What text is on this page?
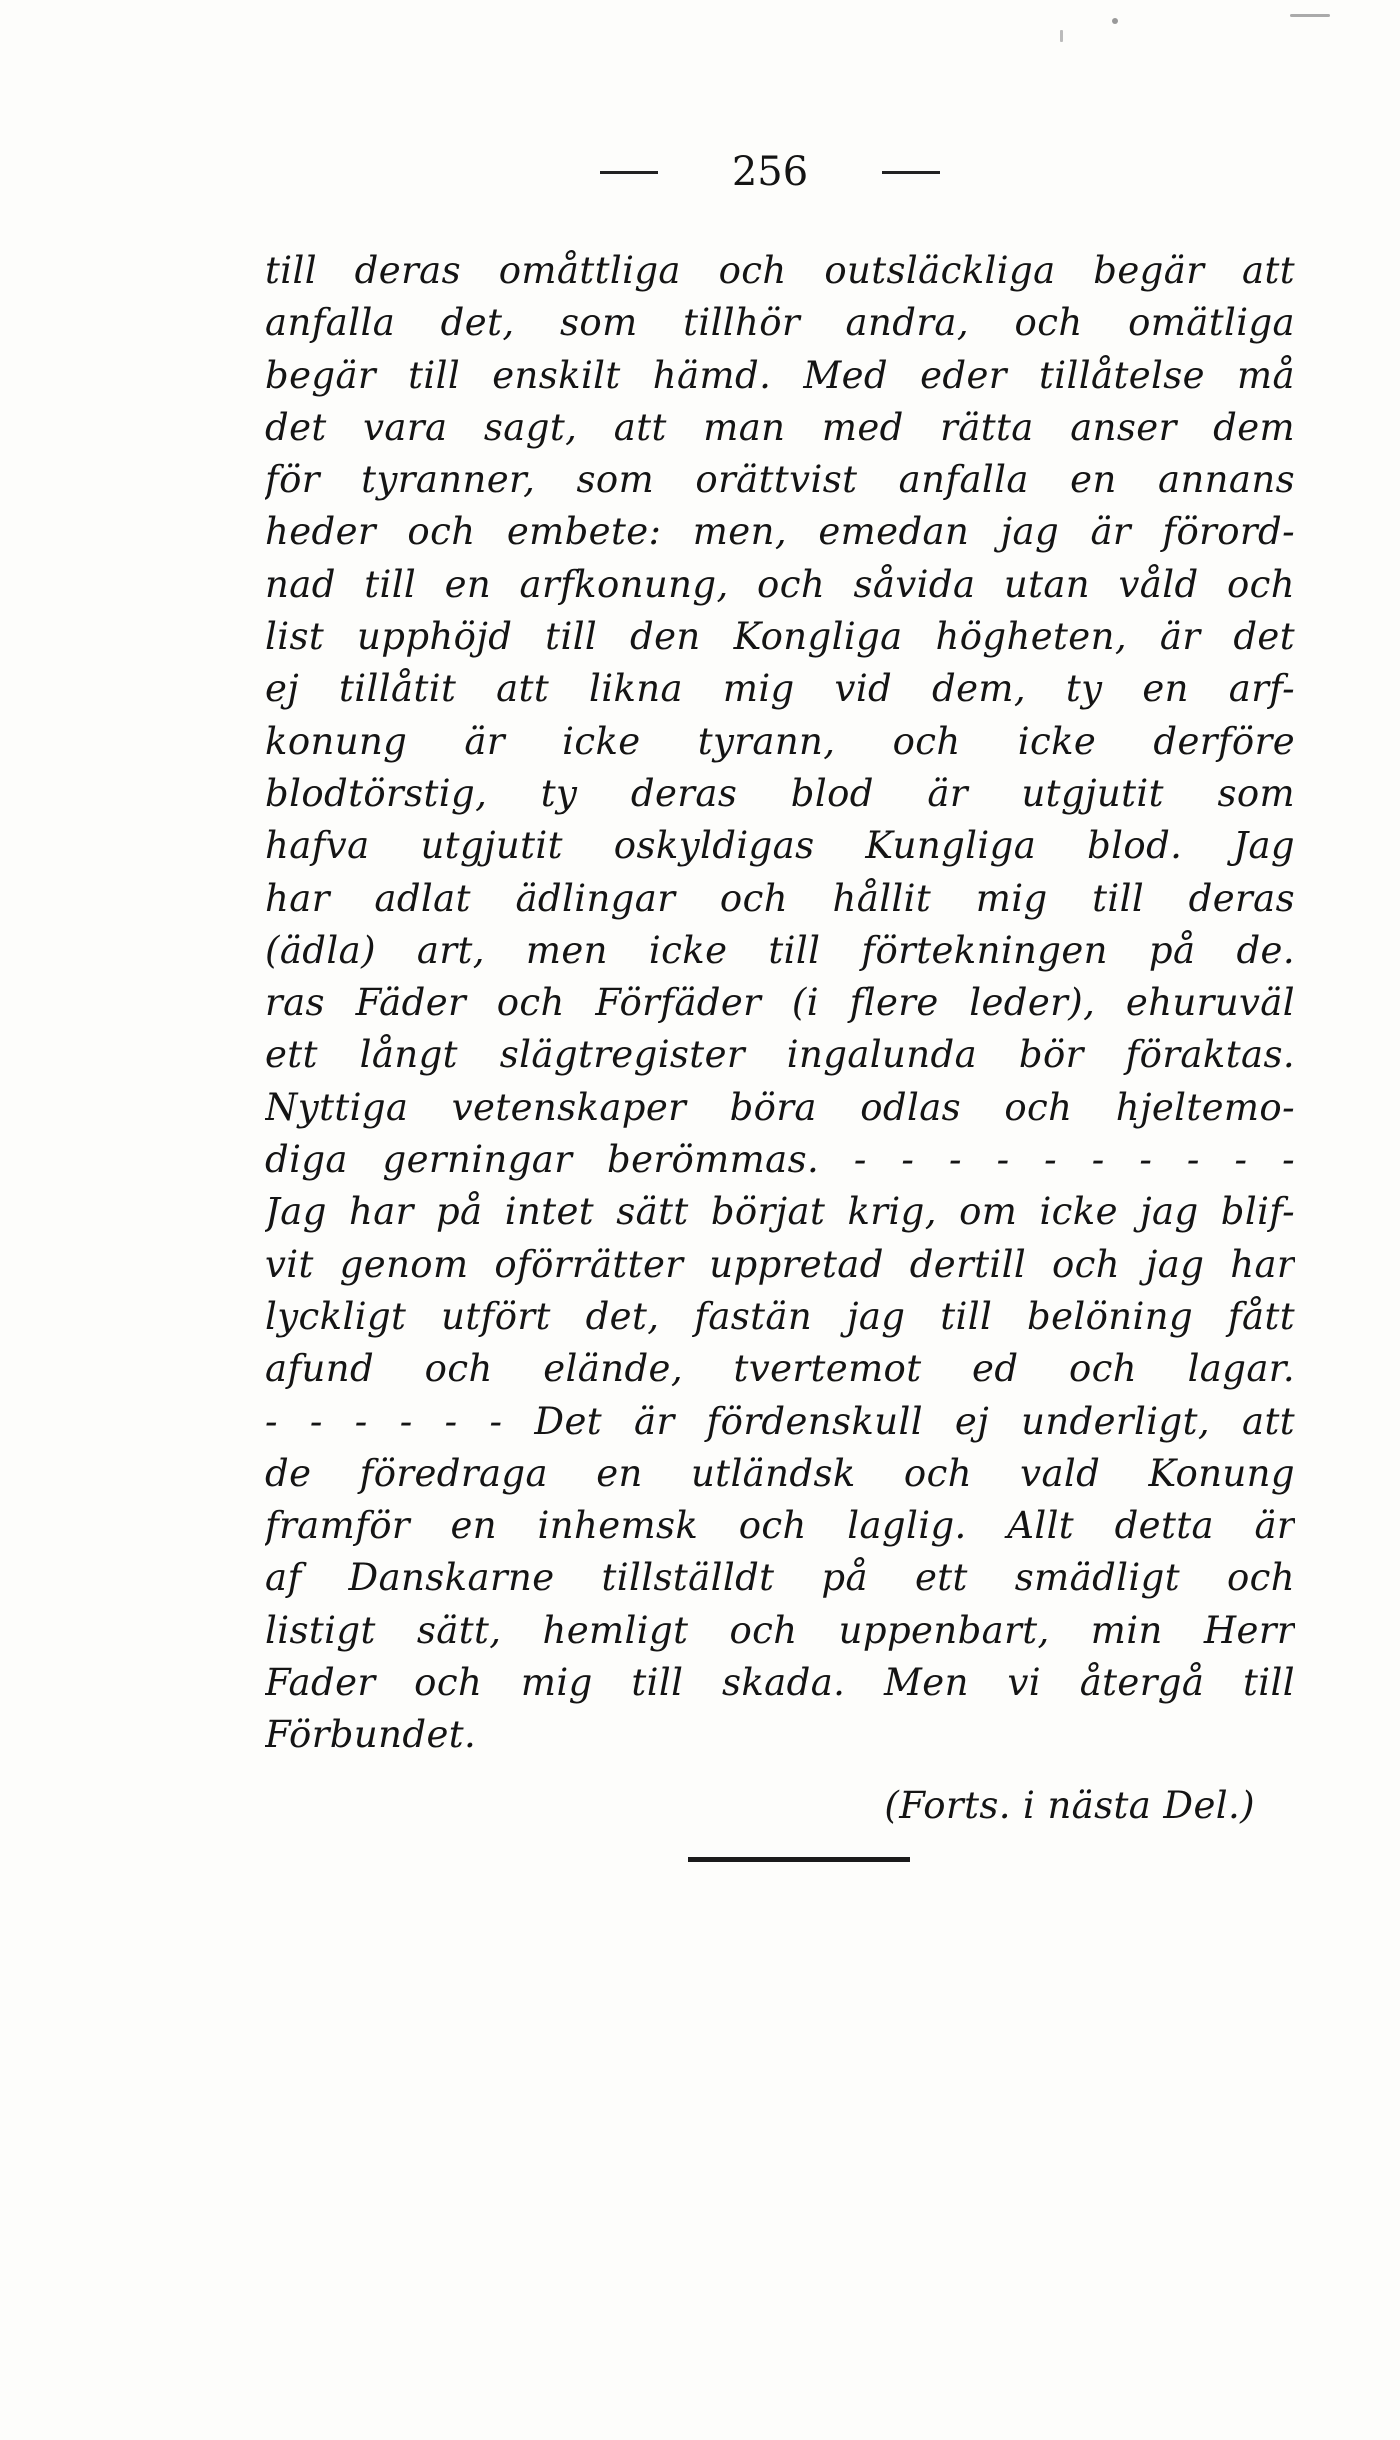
256
till deras omåttliga och outsläckliga begär att
anfalla det, som tillhör andra, och omätliga
begär till enskilt hämd. Med eder tillåtelse må
det vara sagt, att man med rätta anser dem
för tyranner, som orättvist anfalla en annans
heder och embete: men, emedan jag är förord-
nad till en arfkonung, och såvida utan våld och
list upphöjd till den Kongliga högheten, är det
ej tillåtit att likna mig vid dem, ty en arf-
konung är icke tyrann, och icke derföre
blodtörstig, ty deras blod är utgjutit som
hafva utgjutit oskyldigas Kungliga blod. Jag
har adlat ädlingar och hållit mig till deras
(ädla) art, men icke till förtekningen på de.
ras Fäder och Förfäder (i flere leder), ehuruväl
ett långt slägtregister ingalunda bör föraktas.
Nyttiga vetenskaper böra odlas och hjeltemo-
diga gerningar berömmas. - - - - - - - - - -
Jag har på intet sätt börjat krig, om icke jag blif-
vit genom oförrätter uppretad dertill och jag har
lyckligt utfört det, fastän jag till belöning fått
afund och elände, tvertemot ed och lagar.
- - - - - - Det är fördenskull ej underligt, att
de föredraga en utländsk och vald Konung
framför en inhemsk och laglig. Allt detta är
af Danskarne tillställdt på ett smädligt och
listigt sätt, hemligt och uppenbart, min Herr
Fader och mig till skada. Men vi återgå till
Förbundet.
(Forts. i nästa Del.)
